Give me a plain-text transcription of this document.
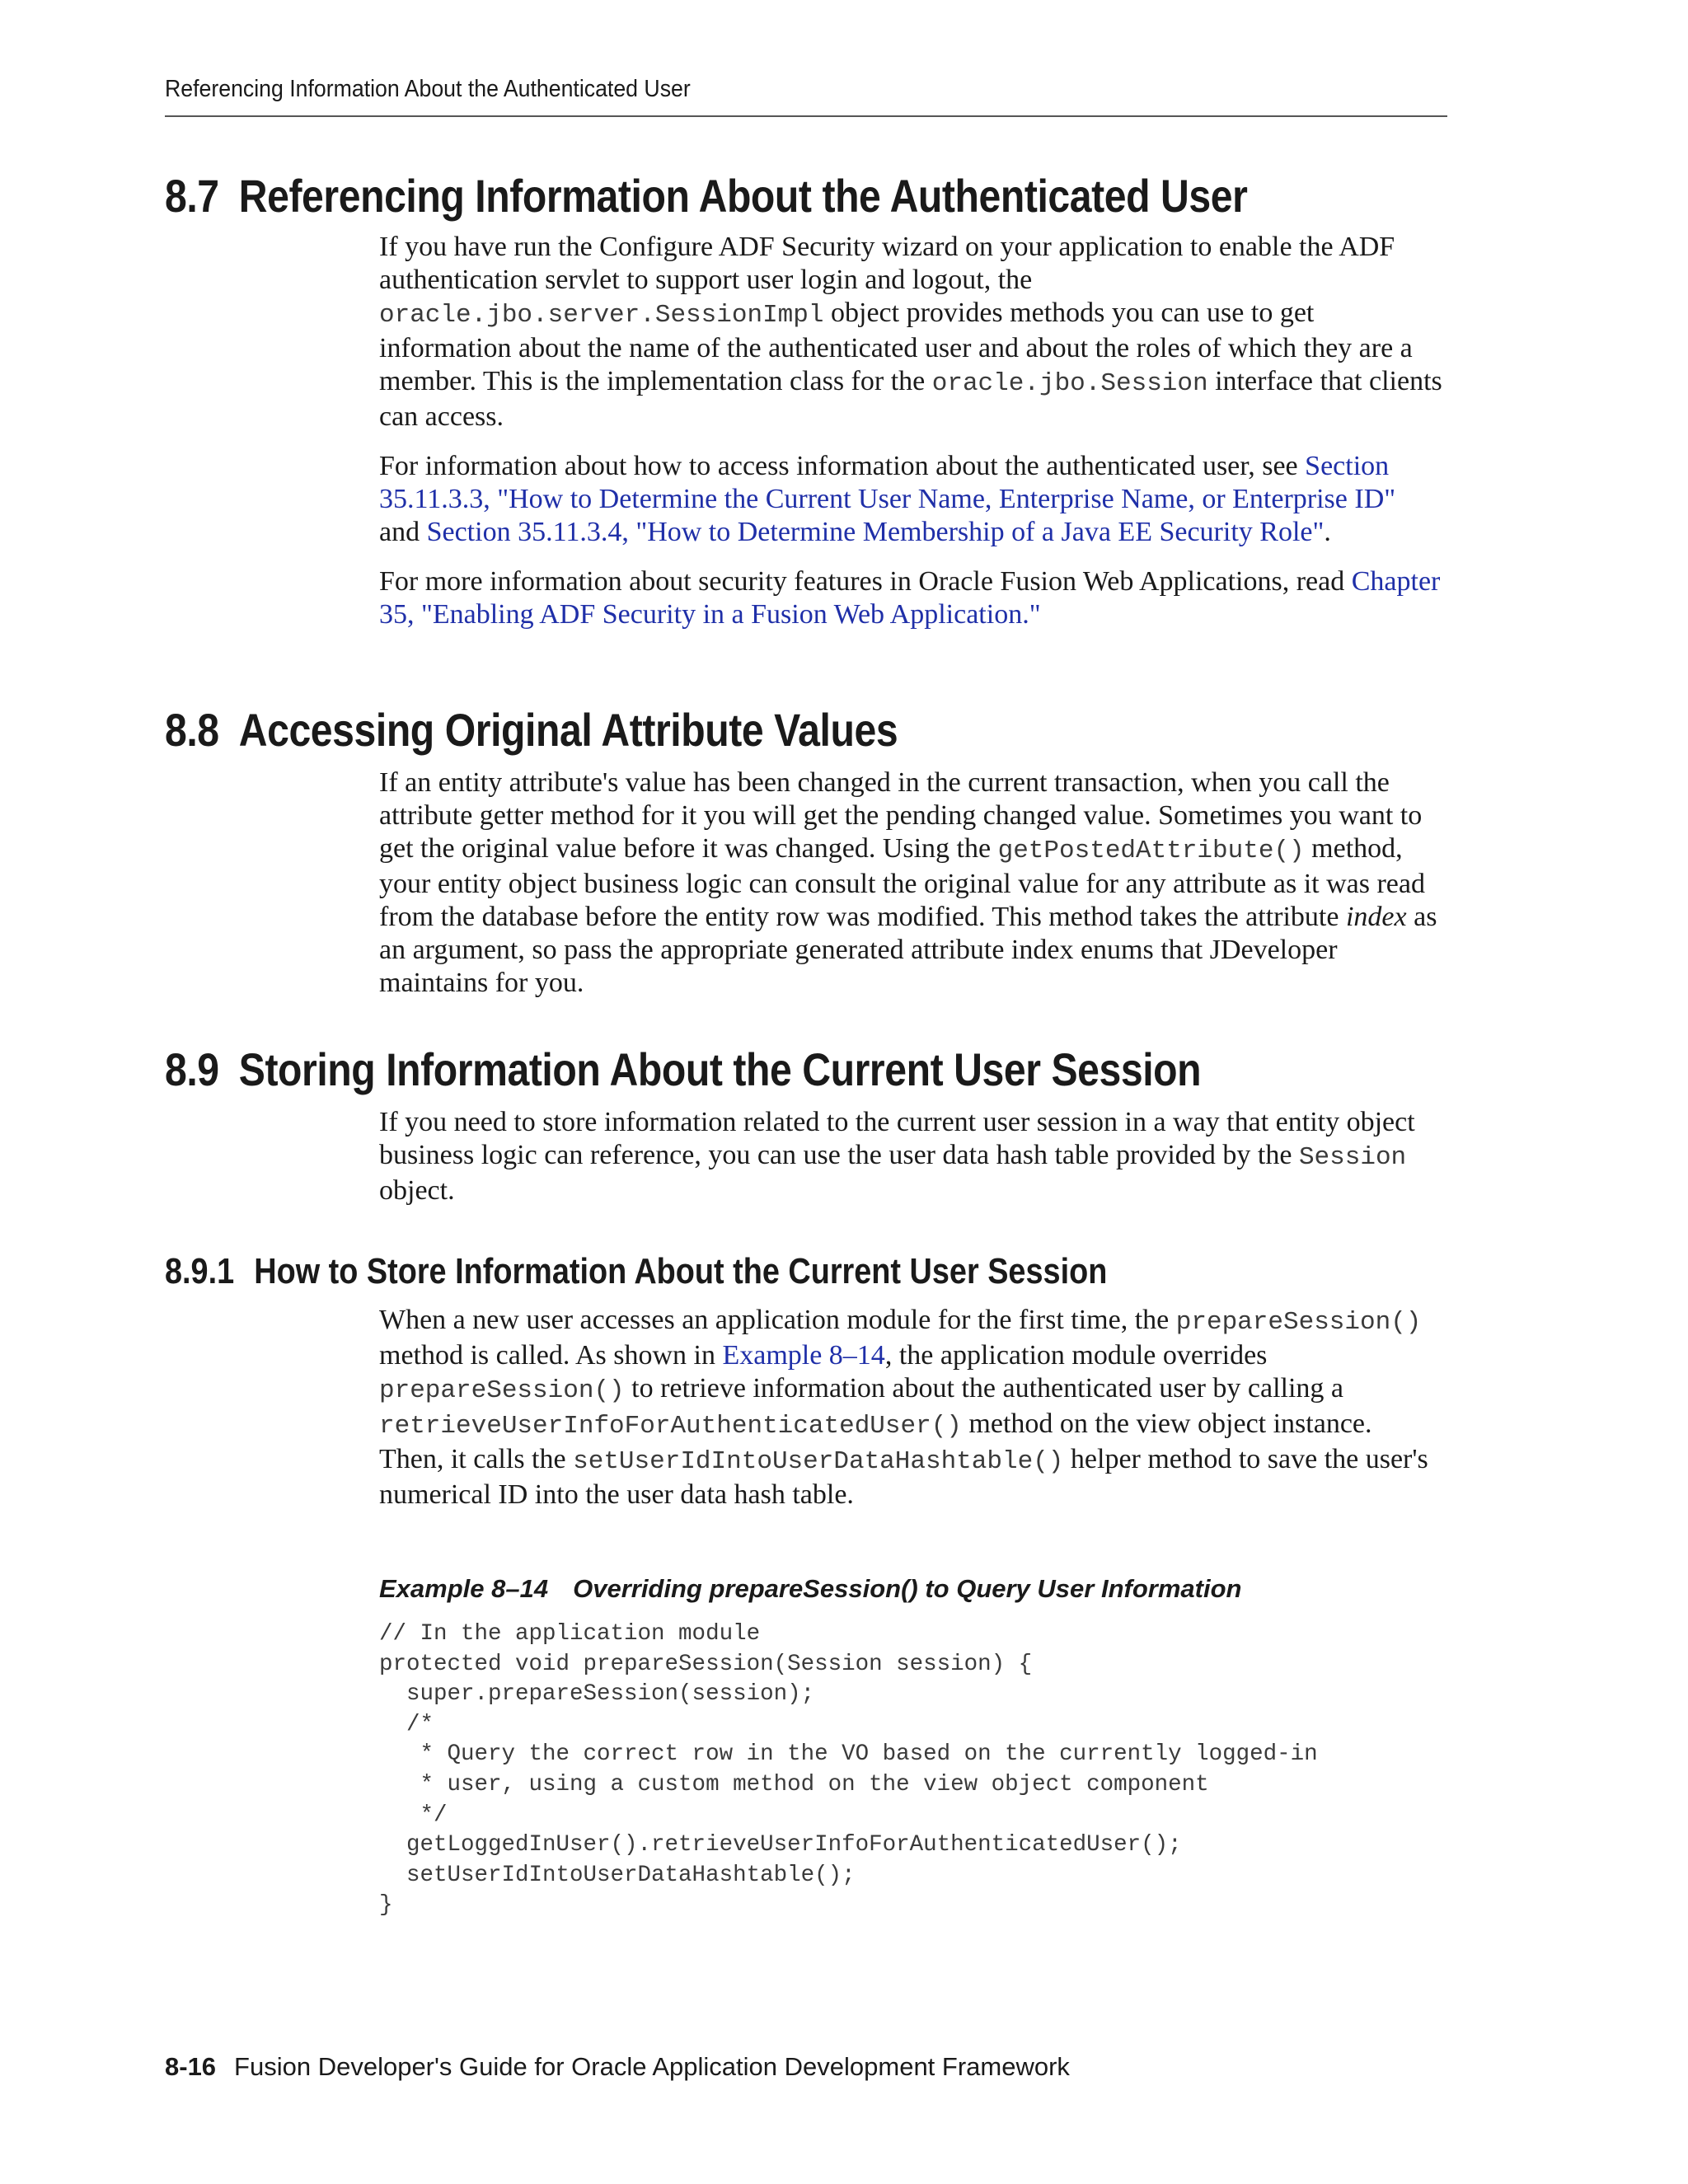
Referencing Information About the Authenticated User
8.7 Referencing Information About the Authenticated User

If you have run the Configure ADF Security wizard on your application to enable the ADF authentication servlet to support user login and logout, the oracle.jbo.server.SessionImpl object provides methods you can use to get information about the name of the authenticated user and about the roles of which they are a member. This is the implementation class for the oracle.jbo.Session interface that clients can access.

For information about how to access information about the authenticated user, see Section 35.11.3.3, "How to Determine the Current User Name, Enterprise Name, or Enterprise ID" and Section 35.11.3.4, "How to Determine Membership of a Java EE Security Role".

For more information about security features in Oracle Fusion Web Applications, read Chapter 35, "Enabling ADF Security in a Fusion Web Application."

8.8 Accessing Original Attribute Values

If an entity attribute's value has been changed in the current transaction, when you call the attribute getter method for it you will get the pending changed value. Sometimes you want to get the original value before it was changed. Using the getPostedAttribute() method, your entity object business logic can consult the original value for any attribute as it was read from the database before the entity row was modified. This method takes the attribute index as an argument, so pass the appropriate generated attribute index enums that JDeveloper maintains for you.

8.9 Storing Information About the Current User Session

If you need to store information related to the current user session in a way that entity object business logic can reference, you can use the user data hash table provided by the Session object.

8.9.1 How to Store Information About the Current User Session

When a new user accesses an application module for the first time, the prepareSession() method is called. As shown in Example 8–14, the application module overrides prepareSession() to retrieve information about the authenticated user by calling a retrieveUserInfoForAuthenticatedUser() method on the view object instance. Then, it calls the setUserIdIntoUserDataHashtable() helper method to save the user's numerical ID into the user data hash table.

Example 8–14 Overriding prepareSession() to Query User Information
// In the application module
protected void prepareSession(Session session) {
super.prepareSession(session);
/*
* Query the correct row in the VO based on the currently logged-in
* user, using a custom method on the view object component
*/
getLoggedInUser().retrieveUserInfoForAuthenticatedUser();
setUserIdIntoUserDataHashtable();
}
8-16 Fusion Developer's Guide for Oracle Application Development Framework
